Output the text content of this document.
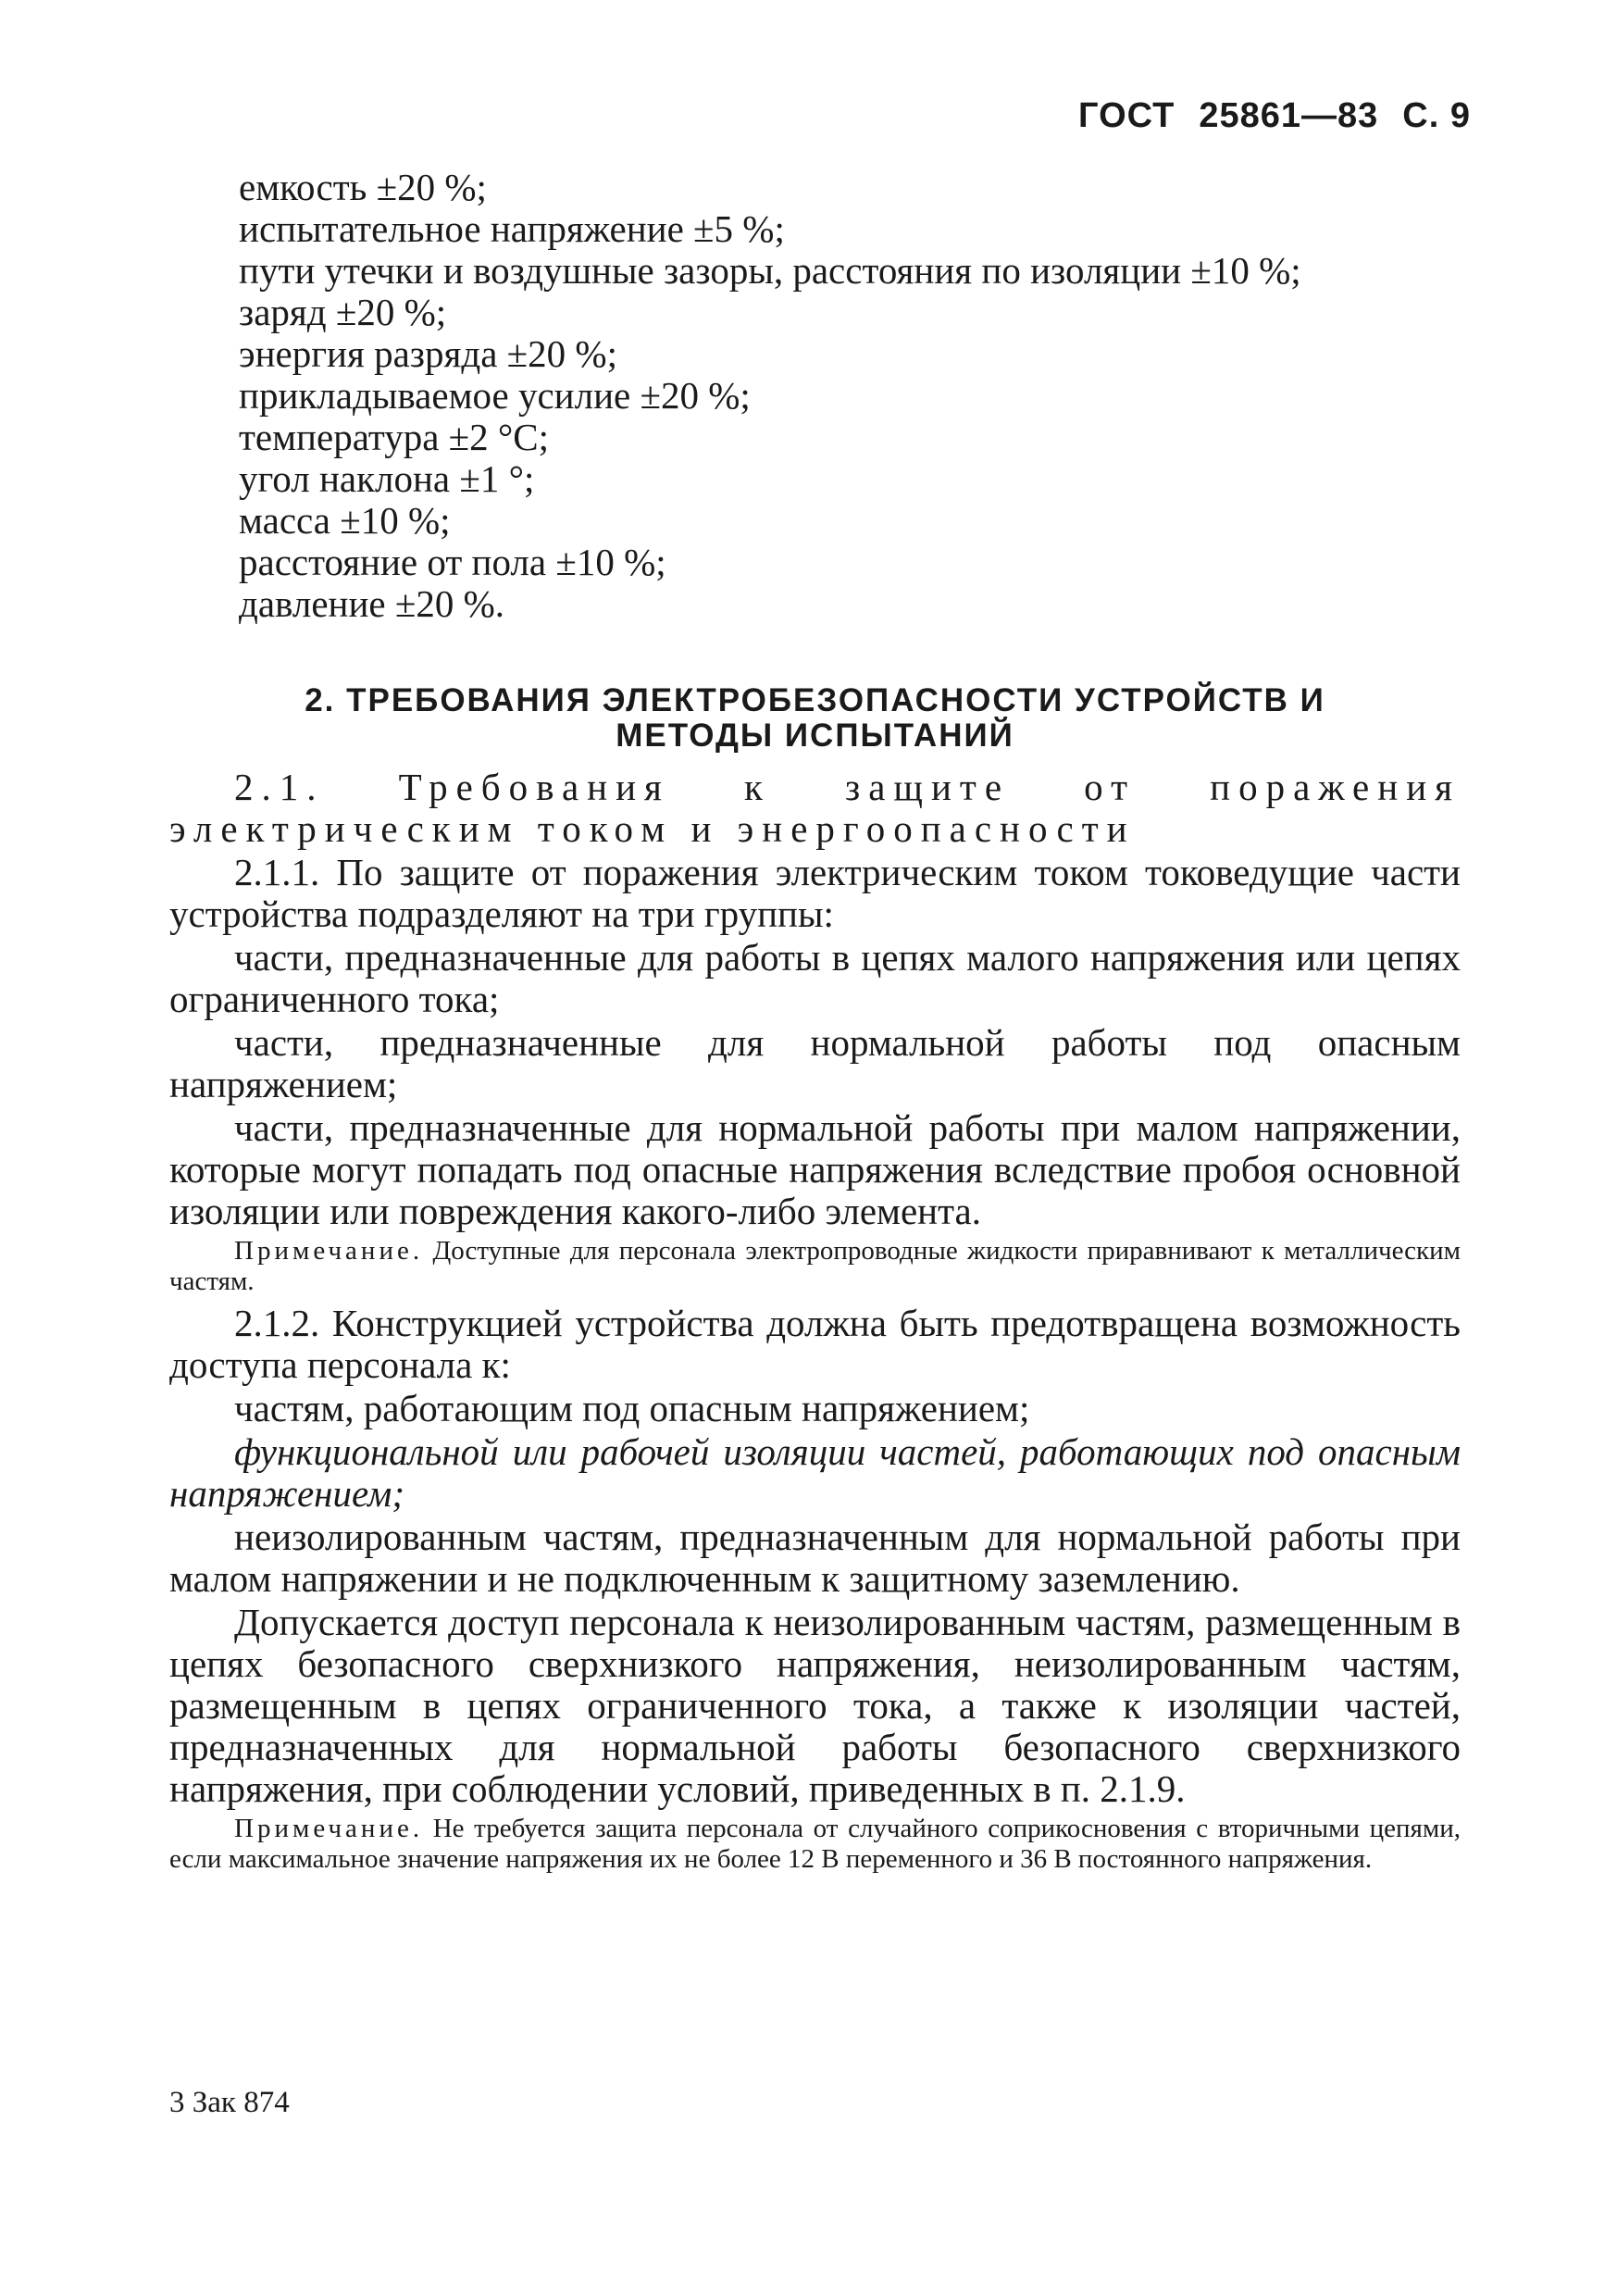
ГОСТ 25861—83 С. 9

емкость ±20 %;

испытательное напряжение ±5 %;

пути утечки и воздушные зазоры, расстояния по изоляции ±10 %;

заряд ±20 %;

энергия разряда ±20 %;

прикладываемое усилие ±20 %;

температура ±2 °С;

угол наклона ±1 °;

масса ±10 %;

расстояние от пола ±10 %;

давление ±20 %.

2. ТРЕБОВАНИЯ ЭЛЕКТРОБЕЗОПАСНОСТИ УСТРОЙСТВ И
МЕТОДЫ ИСПЫТАНИЙ

2.1. Требования к защите от поражения электрическим током и энергоопасности

2.1.1. По защите от поражения электрическим током токоведущие части устройства подразделяют на три группы:

части, предназначенные для работы в цепях малого напряжения или цепях ограниченного тока;

части, предназначенные для нормальной работы под опасным напряжением;

части, предназначенные для нормальной работы при малом напряжении, которые могут попадать под опасные напряжения вследствие пробоя основной изоляции или повреждения какого-либо элемента.

Примечание. Доступные для персонала электропроводные жидкости приравнивают к металлическим частям.

2.1.2. Конструкцией устройства должна быть предотвращена возможность доступа персонала к:

частям, работающим под опасным напряжением;

функциональной или рабочей изоляции частей, работающих под опасным напряжением;

неизолированным частям, предназначенным для нормальной работы при малом напряжении и не подключенным к защитному заземлению.

Допускается доступ персонала к неизолированным частям, размещенным в цепях безопасного сверхнизкого напряжения, неизолированным частям, размещенным в цепях ограниченного тока, а также к изоляции частей, предназначенных для нормальной работы безопасного сверхнизкого напряжения, при соблюдении условий, приведенных в п. 2.1.9.

Примечание. Не требуется защита персонала от случайного соприкосновения с вторичными цепями, если максимальное значение напряжения их не более 12 В переменного и 36 В постоянного напряжения.

3 Зак 874
